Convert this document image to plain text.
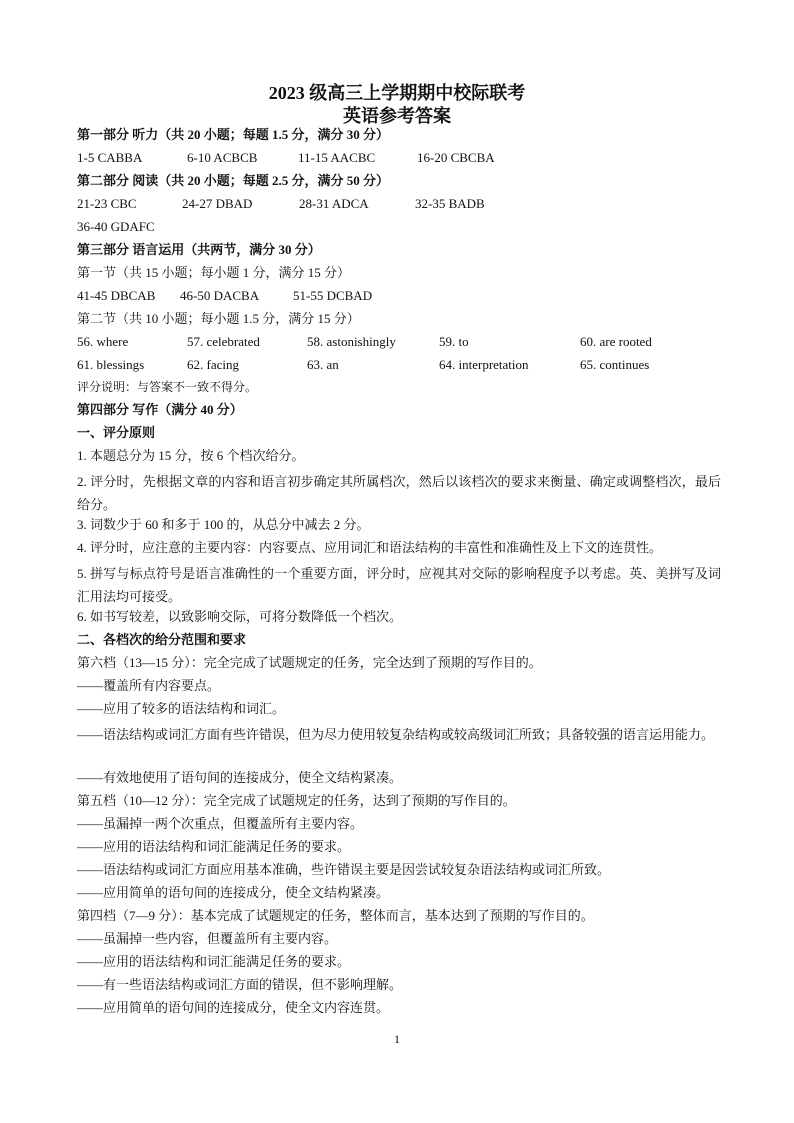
2023 级高三上学期期中校际联考
英语参考答案
第一部分 听力（共 20 小题；每题 1.5 分，满分 30 分）
1-5 CABBA	6-10 ACBCB	11-15 AACBC	16-20 CBCBA
第二部分 阅读（共 20 小题；每题 2.5 分，满分 50 分）
21-23 CBC	24-27 DBAD	28-31 ADCA	32-35 BADB
36-40 GDAFC
第三部分 语言运用（共两节，满分 30 分）
第一节（共 15 小题；每小题 1 分，满分 15 分）
41-45 DBCAB 46-50 DACBA	51-55 DCBAD
第二节（共 10 小题；每小题 1.5 分，满分 15 分）
56. where	57. celebrated	58. astonishingly	59. to	60. are rooted
61. blessings	62. facing	63. an	64. interpretation	65. continues
评分说明：与答案不一致不得分。
第四部分 写作（满分 40 分）
一、评分原则
1. 本题总分为 15 分，按 6 个档次给分。
2. 评分时，先根据文章的内容和语言初步确定其所属档次，然后以该档次的要求来衡量、确定或调整档次，最后给分。
3. 词数少于 60 和多于 100 的，从总分中减去 2 分。
4. 评分时，应注意的主要内容：内容要点、应用词汇和语法结构的丰富性和准确性及上下文的连贯性。
5. 拼写与标点符号是语言准确性的一个重要方面，评分时，应视其对交际的影响程度予以考虑。英、美拼写及词汇用法均可接受。
6. 如书写较差，以致影响交际，可将分数降低一个档次。
二、各档次的给分范围和要求
第六档（13—15 分）：完全完成了试题规定的任务，完全达到了预期的写作目的。
——覆盖所有内容要点。
——应用了较多的语法结构和词汇。
——语法结构或词汇方面有些许错误，但为尽力使用较复杂结构或较高级词汇所致；具备较强的语言运用能力。
——有效地使用了语句间的连接成分，使全文结构紧凑。
第五档（10—12 分）：完全完成了试题规定的任务，达到了预期的写作目的。
——虽漏掉一两个次重点，但覆盖所有主要内容。
——应用的语法结构和词汇能满足任务的要求。
——语法结构或词汇方面应用基本准确，些许错误主要是因尝试较复杂语法结构或词汇所致。
——应用简单的语句间的连接成分，使全文结构紧凑。
第四档（7—9 分）：基本完成了试题规定的任务，整体而言，基本达到了预期的写作目的。
——虽漏掉一些内容，但覆盖所有主要内容。
——应用的语法结构和词汇能满足任务的要求。
——有一些语法结构或词汇方面的错误，但不影响理解。
——应用简单的语句间的连接成分，使全文内容连贯。
1
